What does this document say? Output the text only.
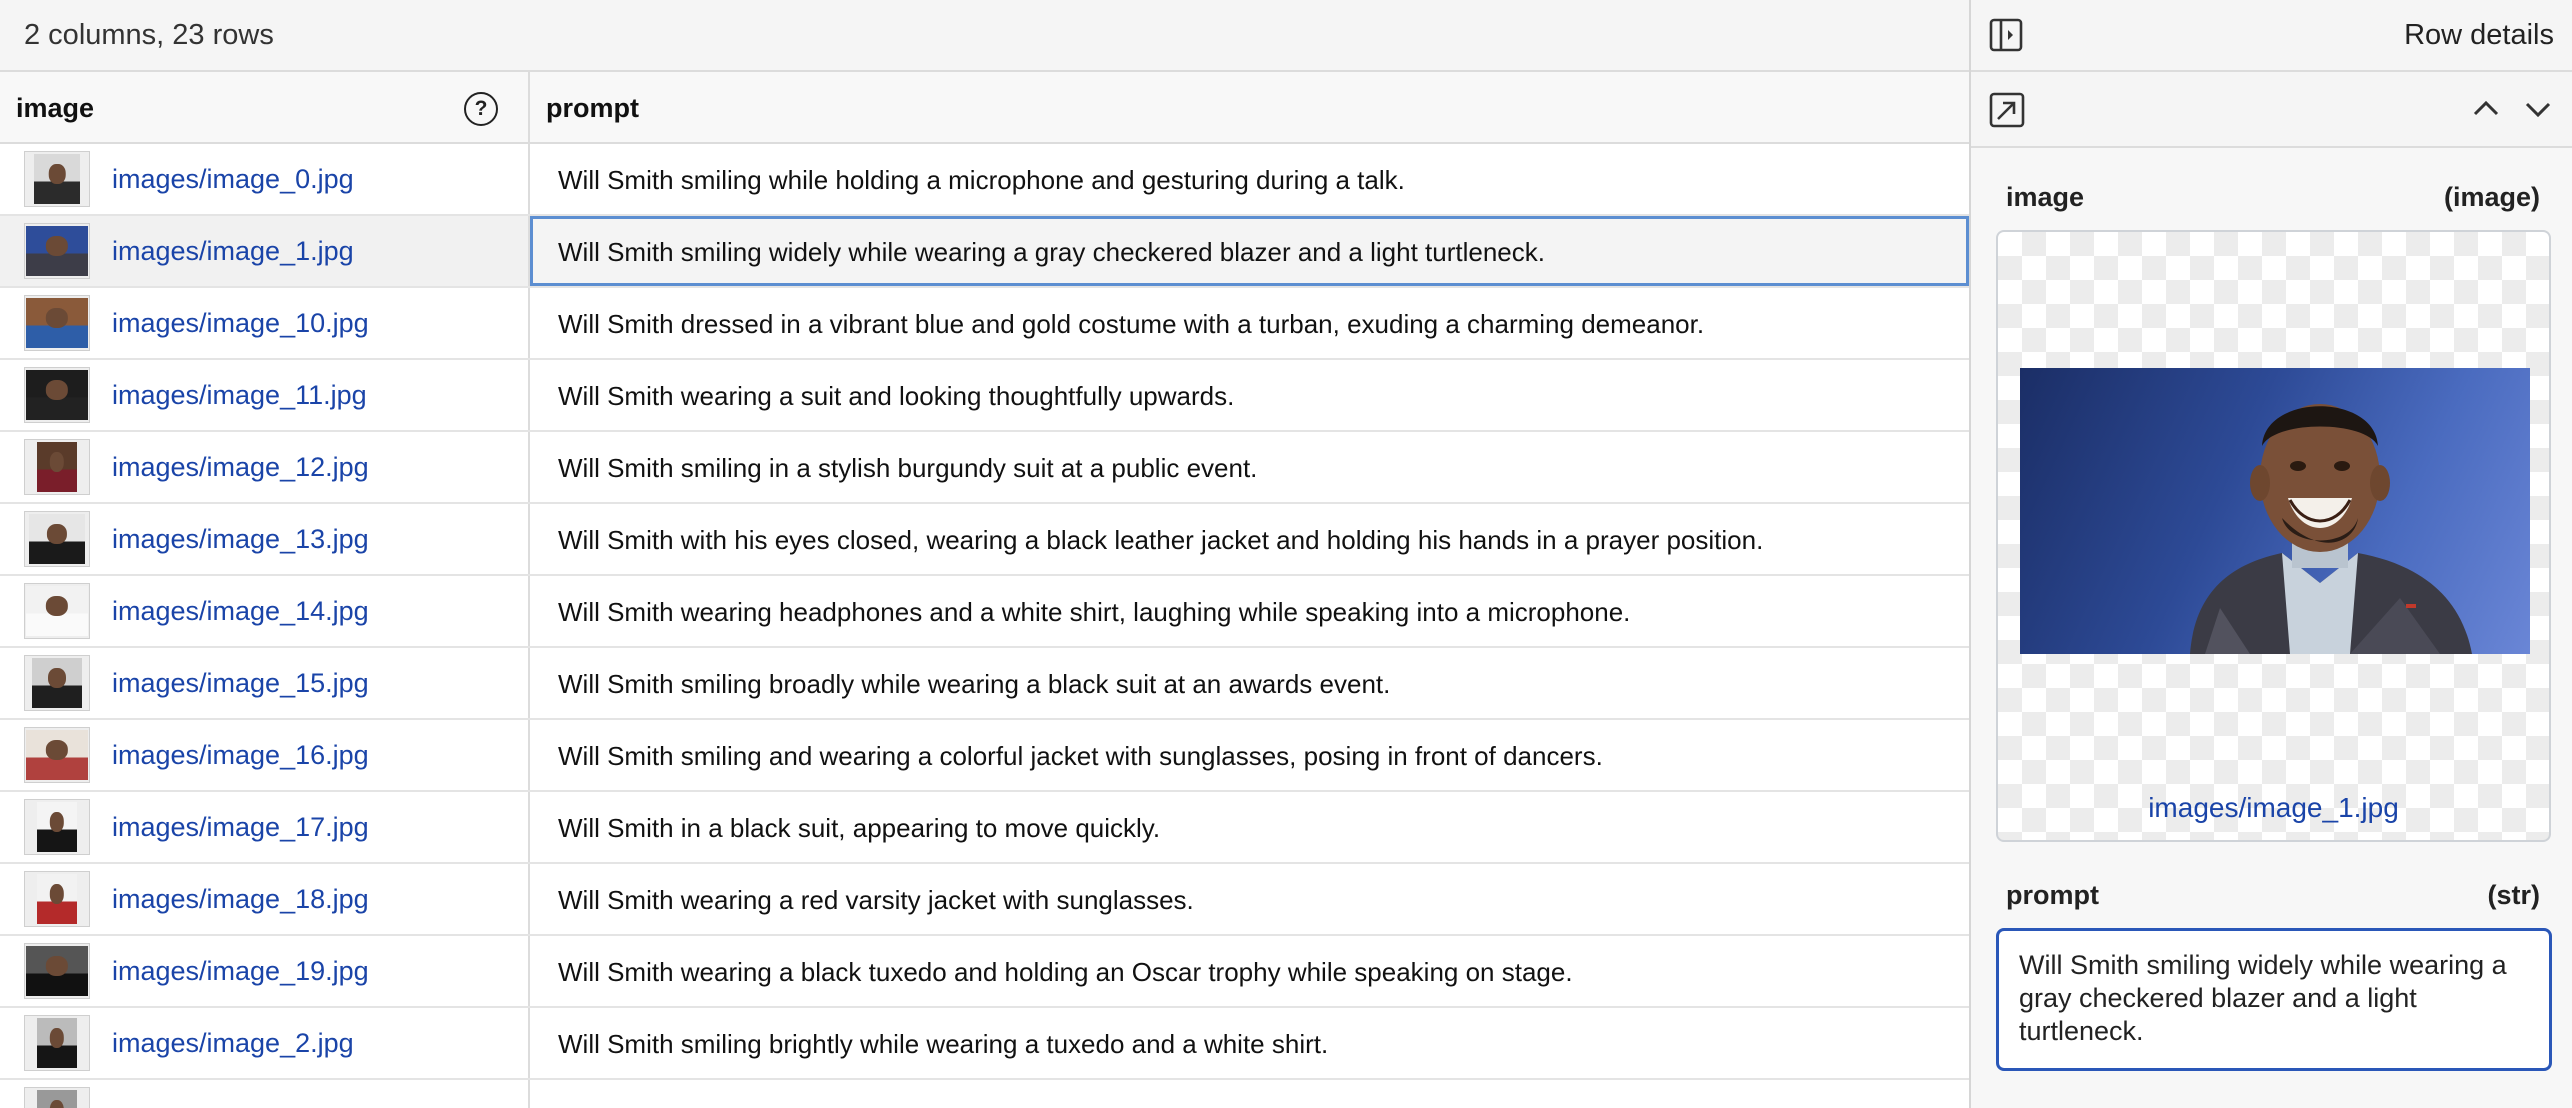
2 columns, 23 rows
image	?	prompt
images/image_0.jpg	Will Smith smiling while holding a microphone and gesturing during a talk.
images/image_1.jpg	Will Smith smiling widely while wearing a gray checkered blazer and a light turtleneck.
images/image_10.jpg	Will Smith dressed in a vibrant blue and gold costume with a turban, exuding a charming demeanor.
images/image_11.jpg	Will Smith wearing a suit and looking thoughtfully upwards.
images/image_12.jpg	Will Smith smiling in a stylish burgundy suit at a public event.
images/image_13.jpg	Will Smith with his eyes closed, wearing a black leather jacket and holding his hands in a prayer position.
images/image_14.jpg	Will Smith wearing headphones and a white shirt, laughing while speaking into a microphone.
images/image_15.jpg	Will Smith smiling broadly while wearing a black suit at an awards event.
images/image_16.jpg	Will Smith smiling and wearing a colorful jacket with sunglasses, posing in front of dancers.
images/image_17.jpg	Will Smith in a black suit, appearing to move quickly.
images/image_18.jpg	Will Smith wearing a red varsity jacket with sunglasses.
images/image_19.jpg	Will Smith wearing a black tuxedo and holding an Oscar trophy while speaking on stage.
images/image_2.jpg	Will Smith smiling brightly while wearing a tuxedo and a white shirt.
Row details
image	(image)
images/image_1.jpg
prompt	(str)
Will Smith smiling widely while wearing a gray checkered blazer and a light turtleneck.
